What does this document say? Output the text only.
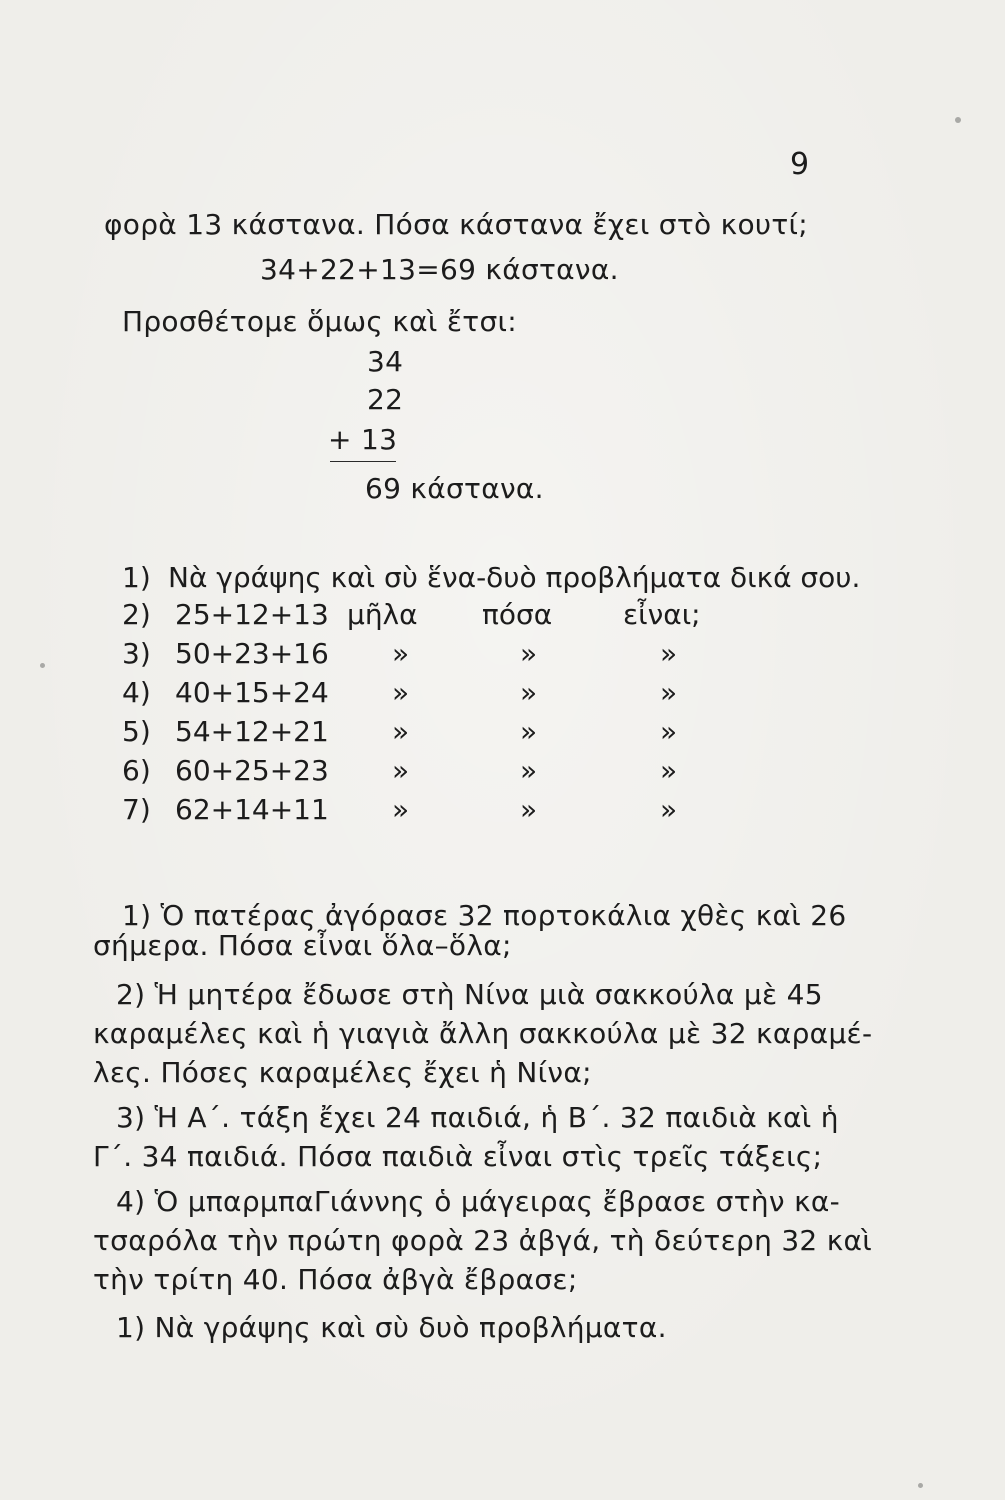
9
φορὰ 13 κάστανα. Πόσα κάστανα ἔχει στὸ κουτί;
34+22+13=69 κάστανα.
Προσθέτομε ὅμως καὶ ἔτσι:
34
22
+ 13
69 κάστανα.
1) Νὰ γράψης καὶ σὺ ἕνα-δυὸ προβλήματα δικά σου.
2) 25+12+13 μῆλα πόσα	εἶναι;
3) 50+23+16 »	»	»
4) 40+15+24 »	»	»
5) 54+12+21 »	»	»
6) 60+25+23 »	»	»
7) 62+14+11 »	»	»
1) Ὁ πατέρας ἀγόρασε 32 πορτοκάλια χθὲς καὶ 26
σήμερα. Πόσα εἶναι ὅλα–ὅλα;
2) Ἡ μητέρα ἔδωσε στὴ Νίνα μιὰ σακκούλα μὲ 45
καραμέλες καὶ ἡ γιαγιὰ ἄλλη σακκούλα μὲ 32 καραμέ-
λες. Πόσες καραμέλες ἔχει ἡ Νίνα;
3) Ἡ Α΄. τάξη ἔχει 24 παιδιά, ἡ Β΄. 32 παιδιὰ καὶ ἡ
Γ΄. 34 παιδιά. Πόσα παιδιὰ εἶναι στὶς τρεῖς τάξεις;
4) Ὁ μπαρμπαΓιάννης ὁ μάγειρας ἔβρασε στὴν κα-
τσαρόλα τὴν πρώτη φορὰ 23 ἀβγά, τὴ δεύτερη 32 καὶ
τὴν τρίτη 40. Πόσα ἀβγὰ ἔβρασε;
1) Νὰ γράψης καὶ σὺ δυὸ προβλήματα.
